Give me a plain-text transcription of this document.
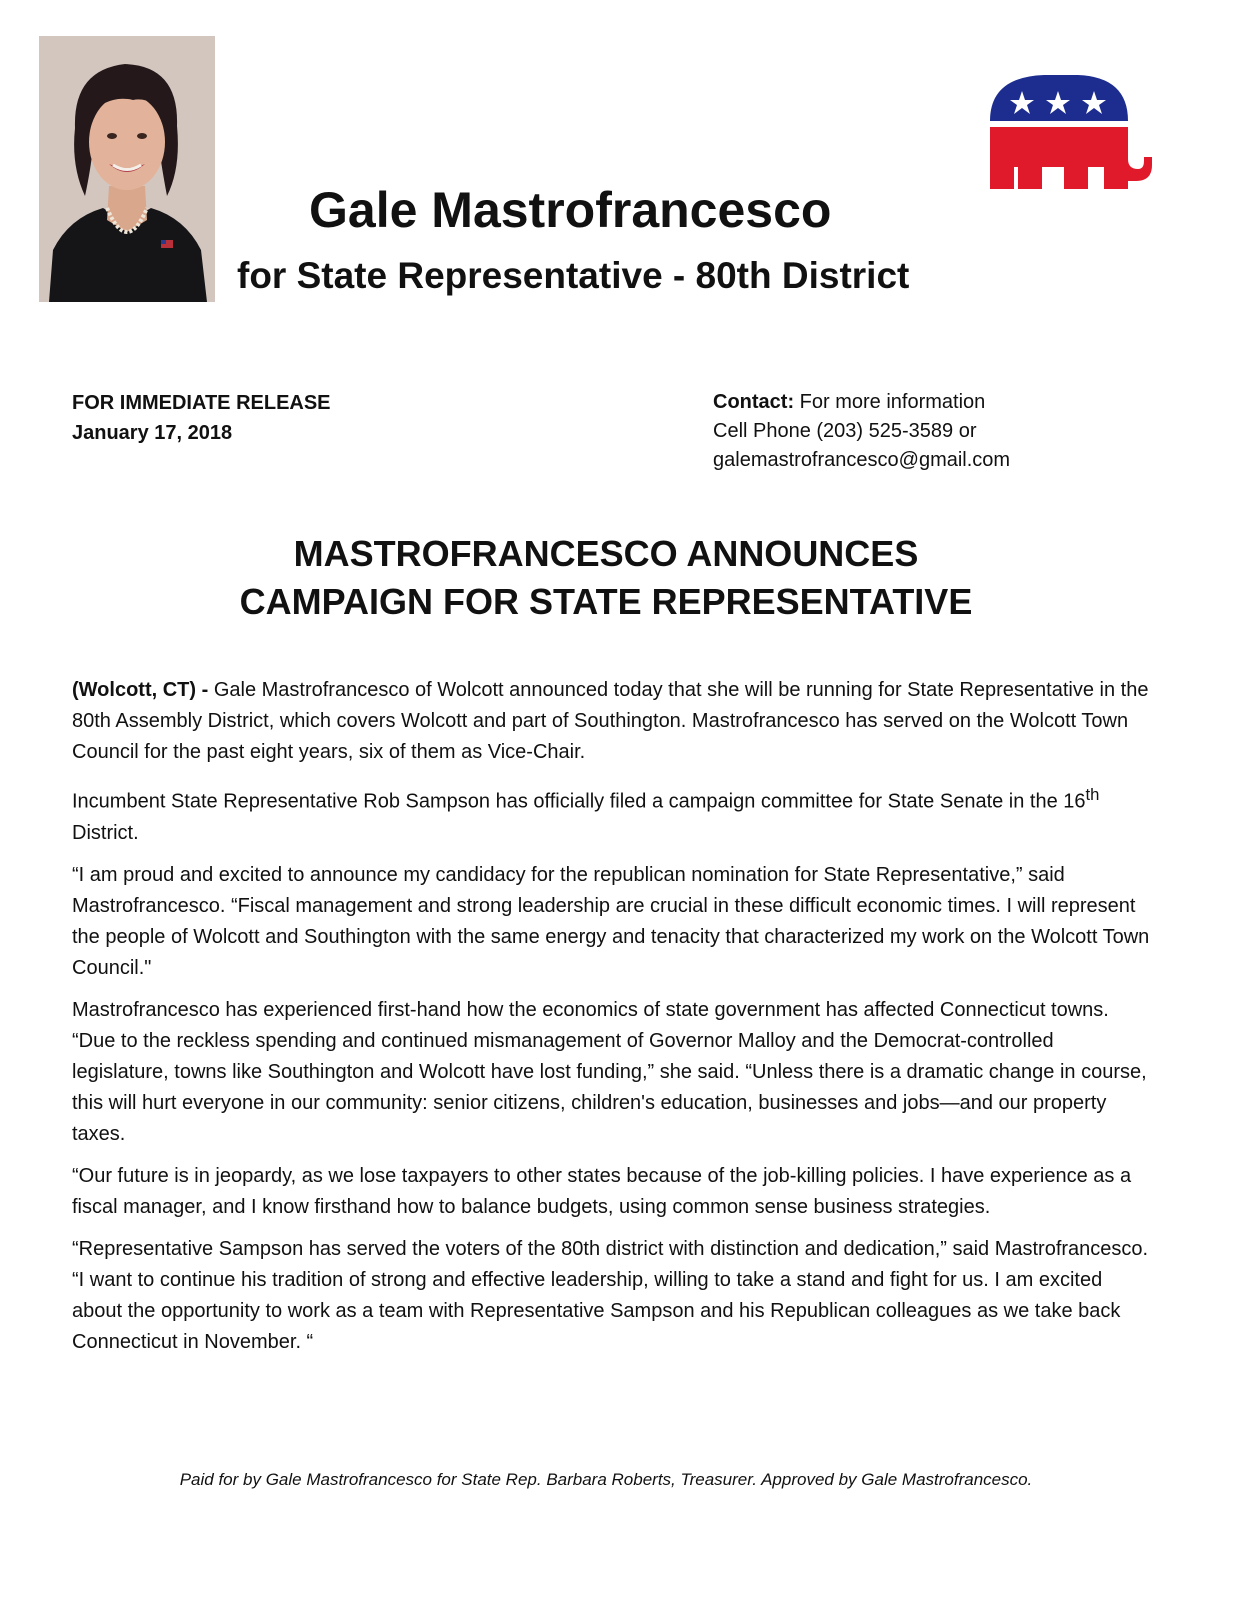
Gale Mastrofrancesco
for State Representative - 80th District
FOR IMMEDIATE RELEASE
January 17, 2018
Contact: For more information
Cell Phone (203) 525-3589 or
galemastrofrancesco@gmail.com
MASTROFRANCESCO ANNOUNCES
CAMPAIGN FOR STATE REPRESENTATIVE

(Wolcott, CT) - Gale Mastrofrancesco of Wolcott announced today that she will be running for State Representative in the 80th Assembly District, which covers Wolcott and part of Southington. Mastrofrancesco has served on the Wolcott Town Council for the past eight years, six of them as Vice-Chair.

Incumbent State Representative Rob Sampson has officially filed a campaign committee for State Senate in the 16th District.

“I am proud and excited to announce my candidacy for the republican nomination for State Representative,” said Mastrofrancesco. “Fiscal management and strong leadership are crucial in these difficult economic times. I will represent the people of Wolcott and Southington with the same energy and tenacity that characterized my work on the Wolcott Town Council."

Mastrofrancesco has experienced first-hand how the economics of state government has affected Connecticut towns. “Due to the reckless spending and continued mismanagement of Governor Malloy and the Democrat-controlled legislature, towns like Southington and Wolcott have lost funding,” she said. “Unless there is a dramatic change in course, this will hurt everyone in our community: senior citizens, children's education, businesses and jobs—and our property taxes.

“Our future is in jeopardy, as we lose taxpayers to other states because of the job-killing policies. I have experience as a fiscal manager, and I know firsthand how to balance budgets, using common sense business strategies.

“Representative Sampson has served the voters of the 80th district with distinction and dedication,” said Mastrofrancesco. “I want to continue his tradition of strong and effective leadership, willing to take a stand and fight for us. I am excited about the opportunity to work as a team with Representative Sampson and his Republican colleagues as we take back Connecticut in November. “

Paid for by Gale Mastrofrancesco for State Rep. Barbara Roberts, Treasurer. Approved by Gale Mastrofrancesco.
